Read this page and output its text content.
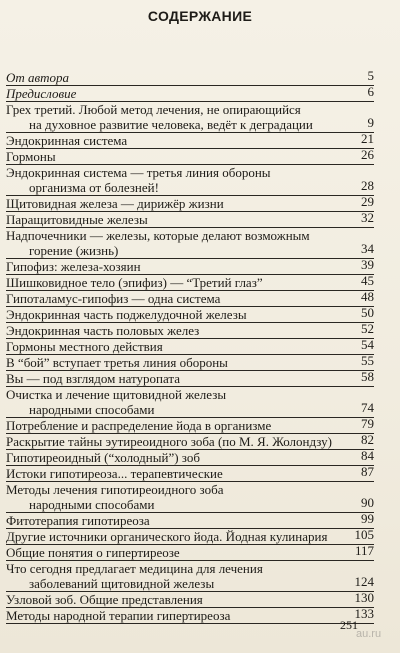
СОДЕРЖАНИЕ
От автора	5
Предисловие	6
Грех третий. Любой метод лечения, не опирающийся
на духовное развитие человека, ведёт к деградации	9
Эндокринная система	21
Гормоны	26
Эндокринная система — третья линия обороны
организма от болезней!	28
Щитовидная железа — дирижёр жизни	29
Паращитовидные железы	32
Надпочечники — железы, которые делают возможным
горение (жизнь)	34
Гипофиз: железа-хозяин	39
Шишковидное тело (эпифиз) — “Третий глаз”	45
Гипоталамус-гипофиз — одна система	48
Эндокринная часть поджелудочной железы	50
Эндокринная часть половых желез	52
Гормоны местного действия	54
В “бой” вступает третья линия обороны	55
Вы — под взглядом натуропата	58
Очистка и лечение щитовидной железы
народными способами	74
Потребление и распределение йода в организме	79
Раскрытие тайны эутиреоидного зоба (по М. Я. Жолондзу)	82
Гипотиреоидный (“холодный”) зоб	84
Истоки гипотиреоза... терапевтические	87
Методы лечения гипотиреоидного зоба
народными способами	90
Фитотерапия гипотиреоза	99
Другие источники органического йода. Йодная кулинария	105
Общие понятия о гипертиреозе	117
Что сегодня предлагает медицина для лечения
заболеваний щитовидной железы	124
Узловой зоб. Общие представления	130
Методы народной терапии гипертиреоза	133
251
au.ru
